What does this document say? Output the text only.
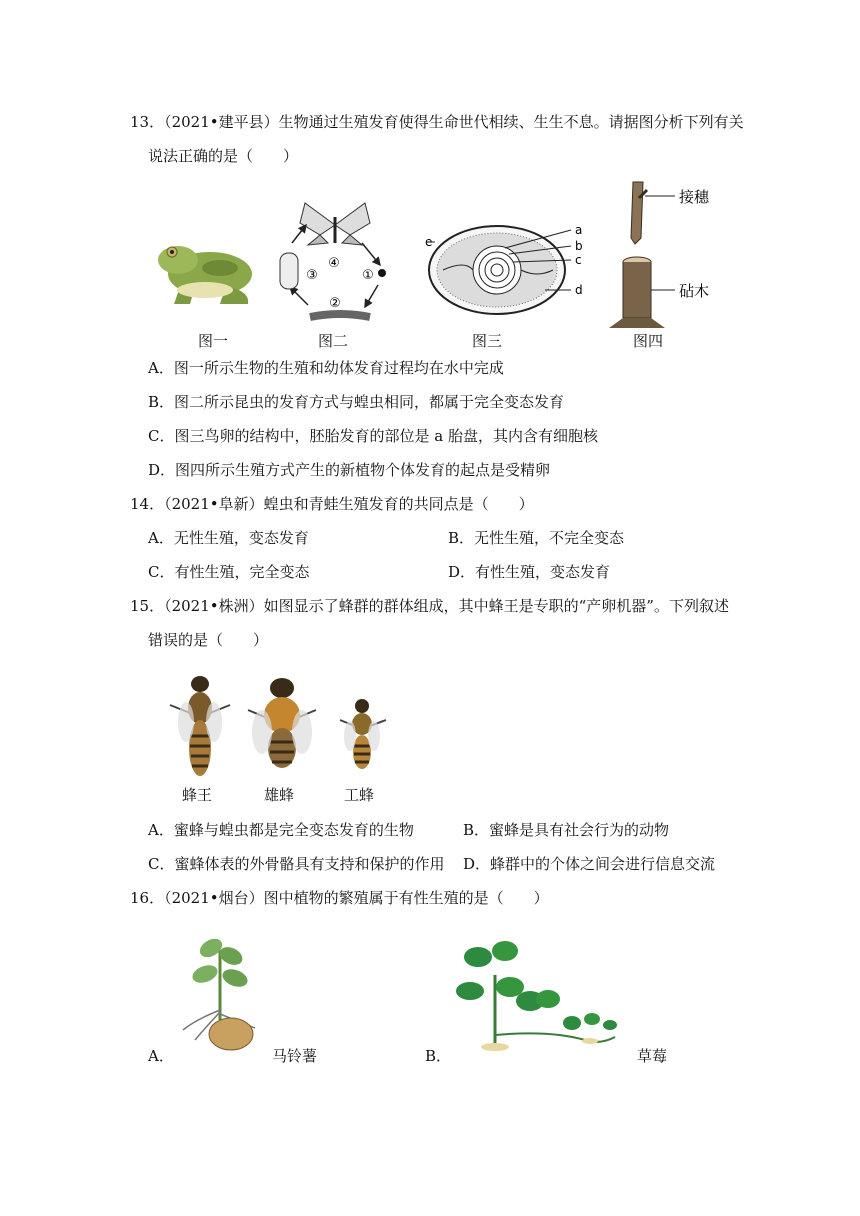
13．（2021•建平县）生物通过生殖发育使得生命世代相续、生生不息。请据图分析下列有关
说法正确的是（　　）
图一
④
①
②
③
图二
a
b
c
d
e
图三
接穗
砧木
图四
A．图一所示生物的生殖和幼体发育过程均在水中完成
B．图二所示昆虫的发育方式与蝗虫相同，都属于完全变态发育
C．图三鸟卵的结构中，胚胎发育的部位是 a 胎盘，其内含有细胞核
D．图四所示生殖方式产生的新植物个体发育的起点是受精卵
14．（2021•阜新）蝗虫和青蛙生殖发育的共同点是（　　）
A．无性生殖，变态发育	B．无性生殖，不完全变态
C．有性生殖，完全变态	D．有性生殖，变态发育
15．（2021•株洲）如图显示了蜂群的群体组成，其中蜂王是专职的“产卵机器”。下列叙述
错误的是（　　）
蜂王	雄蜂	工蜂
A．蜜蜂与蝗虫都是完全变态发育的生物	B．蜜蜂是具有社会行为的动物
C．蜜蜂体表的外骨骼具有支持和保护的作用 D．蜂群中的个体之间会进行信息交流
16．（2021•烟台）图中植物的繁殖属于有性生殖的是（　　）
A．	马铃薯	B．	草莓
